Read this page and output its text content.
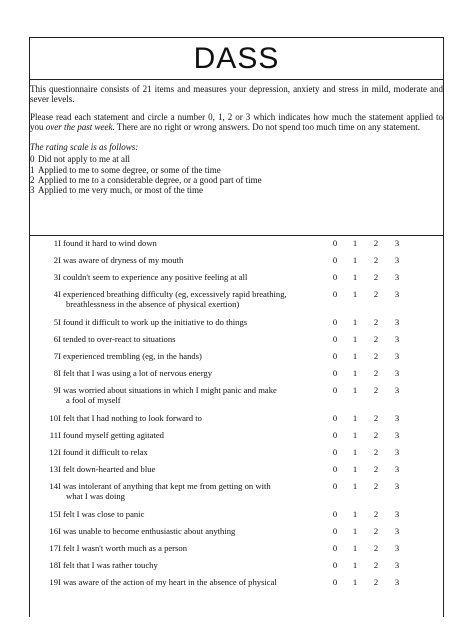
DASS

This questionnaire consists of 21 items and measures your depression, anxiety and stress in mild, moderate and sever levels.

Please read each statement and circle a number 0, 1, 2 or 3 which indicates how much the statement applied to you over the past week. There are no right or wrong answers. Do not spend too much time on any statement.

The rating scale is as follows:

0 Did not apply to me at all
1 Applied to me to some degree, or some of the time
2 Applied to me to a considerable degree, or a good part of time
3 Applied to me very much, or most of the time
1 I found it hard to wind down	0	1	2	3
2 I was aware of dryness of my mouth	0	1	2	3
3 I couldn't seem to experience any positive feeling at all	0	1	2	3
4 I experienced breathing difficulty (eg, excessively rapid breathing,
breathlessness in the absence of physical exertion)
0	1	2	3
5 I found it difficult to work up the initiative to do things	0	1	2	3
6 I tended to over-react to situations	0	1	2	3
7 I experienced trembling (eg, in the hands)	0	1	2	3
8 I felt that I was using a lot of nervous energy	0	1	2	3
9 I was worried about situations in which I might panic and make
a fool of myself
0	1	2	3
10 I felt that I had nothing to look forward to	0	1	2	3
11 I found myself getting agitated	0	1	2	3
12 I found it difficult to relax	0	1	2	3
13 I felt down-hearted and blue	0	1	2	3
14 I was intolerant of anything that kept me from getting on with
what I was doing
0	1	2	3
15 I felt I was close to panic	0	1	2	3
16 I was unable to become enthusiastic about anything	0	1	2	3
17 I felt I wasn't worth much as a person	0	1	2	3
18 I felt that I was rather touchy	0	1	2	3
19 I was aware of the action of my heart in the absence of physical	0	1	2	3
